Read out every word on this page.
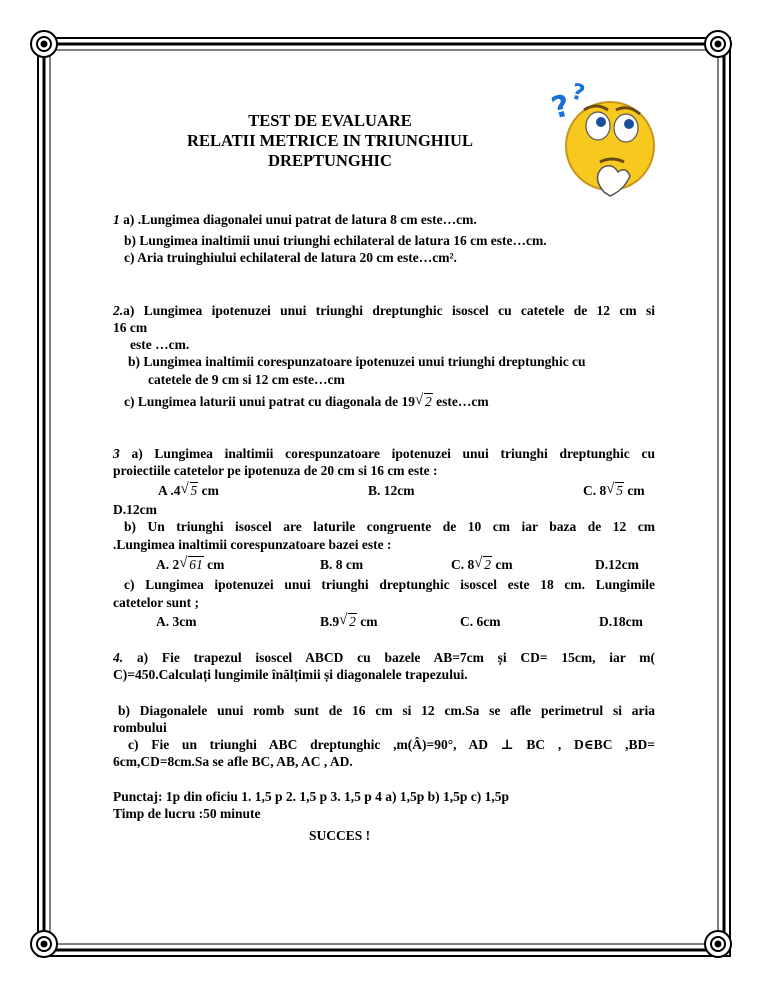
?
?
TEST DE EVALUARE
RELATII METRICE IN TRIUNGHIUL
DREPTUNGHIC
1 a) .Lungimea diagonalei unui patrat de latura 8 cm este…cm.
b) Lungimea inaltimii unui triunghi echilateral de latura 16 cm este…cm.
c) Aria truinghiului echilateral de latura 20 cm este…cm².
2.a) Lungimea ipotenuzei unui triunghi dreptunghic isoscel cu catetele de 12 cm si
16 cm
este …cm.
b) Lungimea inaltimii corespunzatoare ipotenuzei unui triunghi dreptunghic cu
catetele de 9 cm si 12 cm este…cm
c) Lungimea laturii unui patrat cu diagonala de 19 √ 2 este…cm
3 a) Lungimea inaltimii corespunzatoare ipotenuzei unui triunghi dreptunghic cu
proiectiile catetelor pe ipotenuza de 20 cm si 16 cm este :
A .4 √ 5 cm	B. 12cm	C. 8 √ 5 cm
D.12cm
b) Un triunghi isoscel are laturile congruente de 10 cm iar baza de 12 cm
.Lungimea inaltimii corespunzatoare bazei este :
A. 2 √ 61 cm	B. 8 cm	C. 8 √ 2 cm	D.12cm
c) Lungimea ipotenuzei unui triunghi dreptunghic isoscel este 18 cm. Lungimile
catetelor sunt ;
A. 3cm	B.9 √ 2 cm	C. 6cm	D.18cm
4. a) Fie trapezul isoscel ABCD cu bazele AB=7cm și CD= 15cm, iar m(
C)=450.Calculați lungimile înălțimii și diagonalele trapezului.
b) Diagonalele unui romb sunt de 16 cm si 12 cm.Sa se afle perimetrul si aria
rombului
c) Fie un triunghi ABC dreptunghic ,m(Â)=90°, AD ⊥ BC , D∈BC ,BD=
6cm,CD=8cm.Sa se afle BC, AB, AC , AD.
Punctaj: 1p din oficiu 1. 1,5 p 2. 1,5 p 3. 1,5 p 4 a) 1,5p b) 1,5p c) 1,5p
Timp de lucru :50 minute
SUCCES !
